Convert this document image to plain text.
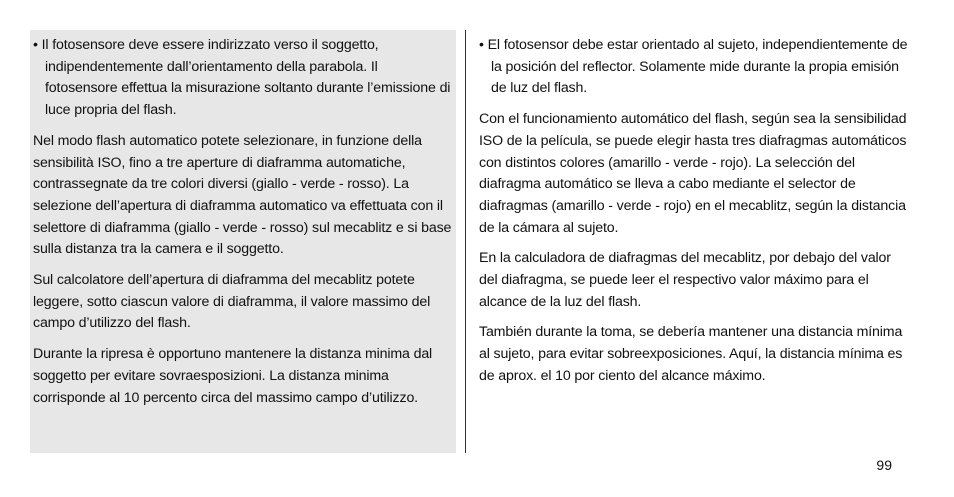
• Il fotosensore deve essere indirizzato verso il soggetto, indipendentemente dall’orientamento della parabola. Il fotosensore effettua la misurazione soltanto durante l’emissione di luce propria del flash.

Nel modo flash automatico potete selezionare, in funzione della sensibilità ISO, fino a tre aperture di diaframma automatiche, contrassegnate da tre colori diversi (giallo - verde - rosso). La selezione dell’apertura di diaframma automatico va effettuata con il selettore di diaframma (giallo - verde - rosso) sul mecablitz e si base sulla distanza tra la camera e il soggetto.

Sul calcolatore dell’apertura di diaframma del mecablitz potete leggere, sotto ciascun valore di diaframma, il valore massimo del campo d’utilizzo del flash.

Durante la ripresa è opportuno mantenere la distanza minima dal soggetto per evitare sovraesposizioni. La distanza minima corrisponde al 10 percento circa del massimo campo d’utilizzo.

• El fotosensor debe estar orientado al sujeto, independientemente de la posición del reflector. Solamente mide durante la propia emisión de luz del flash.

Con el funcionamiento automático del flash, según sea la sensibilidad ISO de la película, se puede elegir hasta tres diafragmas automáticos con distintos colores (amarillo - verde - rojo). La selección del diafragma automático se lleva a cabo mediante el selector de diafragmas (amarillo - verde - rojo) en el mecablitz, según la distancia de la cámara al sujeto.

En la calculadora de diafragmas del mecablitz, por debajo del valor del diafragma, se puede leer el respectivo valor máximo para el alcance de la luz del flash.

También durante la toma, se debería mantener una distancia mínima al sujeto, para evitar sobreexposiciones. Aquí, la distancia mínima es de aprox. el 10 por ciento del alcance máximo.

99
